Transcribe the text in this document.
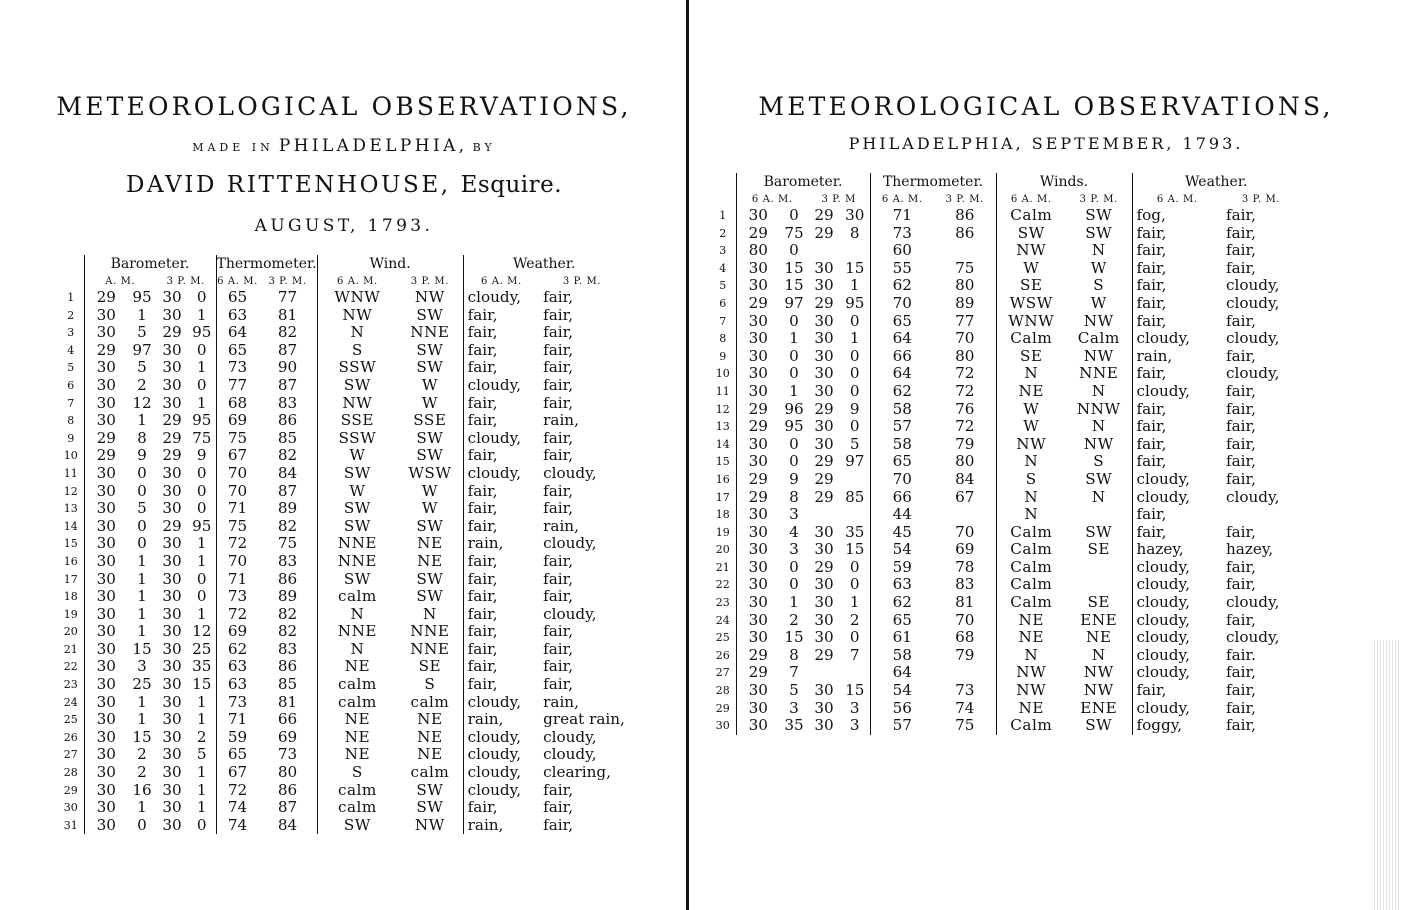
METEOROLOGICAL OBSERVATIONS,
MADE IN PHILADELPHIA, BY
DAVID RITTENHOUSE, Esquire.
AUGUST, 1793.
	Barometer.				Thermometer.		Wind.		Weather.	
	A. M.		3 P. M.		6 A. M.	3 P. M.	6 A. M.	3 P. M.	6 A. M.	3 P. M.
1	29	95	30	0	65	77	WNW	NW	cloudy,	fair,
2	30	1	30	1	63	81	NW	SW	fair,	fair,
3	30	5	29	95	64	82	N	NNE	fair,	fair,
4	29	97	30	0	65	87	S	SW	fair,	fair,
5	30	5	30	1	73	90	SSW	SW	fair,	fair,
6	30	2	30	0	77	87	SW	W	cloudy,	fair,
7	30	12	30	1	68	83	NW	W	fair,	fair,
8	30	1	29	95	69	86	SSE	SSE	fair,	rain,
9	29	8	29	75	75	85	SSW	SW	cloudy,	fair,
10	29	9	29	9	67	82	W	SW	fair,	fair,
11	30	0	30	0	70	84	SW	WSW	cloudy,	cloudy,
12	30	0	30	0	70	87	W	W	fair,	fair,
13	30	5	30	0	71	89	SW	W	fair,	fair,
14	30	0	29	95	75	82	SW	SW	fair,	rain,
15	30	0	30	1	72	75	NNE	NE	rain,	cloudy,
16	30	1	30	1	70	83	NNE	NE	fair,	fair,
17	30	1	30	0	71	86	SW	SW	fair,	fair,
18	30	1	30	0	73	89	calm	SW	fair,	fair,
19	30	1	30	1	72	82	N	N	fair,	cloudy,
20	30	1	30	12	69	82	NNE	NNE	fair,	fair,
21	30	15	30	25	62	83	N	NNE	fair,	fair,
22	30	3	30	35	63	86	NE	SE	fair,	fair,
23	30	25	30	15	63	85	calm	S	fair,	fair,
24	30	1	30	1	73	81	calm	calm	cloudy,	rain,
25	30	1	30	1	71	66	NE	NE	rain,	great rain,
26	30	15	30	2	59	69	NE	NE	cloudy,	cloudy,
27	30	2	30	5	65	73	NE	NE	cloudy,	cloudy,
28	30	2	30	1	67	80	S	calm	cloudy,	clearing,
29	30	16	30	1	72	86	calm	SW	cloudy,	fair,
30	30	1	30	1	74	87	calm	SW	fair,	fair,
31	30	0	30	0	74	84	SW	NW	rain,	fair,
METEOROLOGICAL OBSERVATIONS,
PHILADELPHIA, SEPTEMBER, 1793.
	Barometer.				Thermometer.		Winds.		Weather.	
	6 A. M.		3 P. M		6 A. M.	3 P. M.	6 A. M.	3 P. M.	6 A. M.	3 P. M.
1	30	0	29	30	71	86	Calm	SW	fog,	fair,
2	29	75	29	8	73	86	SW	SW	fair,	fair,
3	80	0			60		NW	N	fair,	fair,
4	30	15	30	15	55	75	W	W	fair,	fair,
5	30	15	30	1	62	80	SE	S	fair,	cloudy,
6	29	97	29	95	70	89	WSW	W	fair,	cloudy,
7	30	0	30	0	65	77	WNW	NW	fair,	fair,
8	30	1	30	1	64	70	Calm	Calm	cloudy,	cloudy,
9	30	0	30	0	66	80	SE	NW	rain,	fair,
10	30	0	30	0	64	72	N	NNE	fair,	cloudy,
11	30	1	30	0	62	72	NE	N	cloudy,	fair,
12	29	96	29	9	58	76	W	NNW	fair,	fair,
13	29	95	30	0	57	72	W	N	fair,	fair,
14	30	0	30	5	58	79	NW	NW	fair,	fair,
15	30	0	29	97	65	80	N	S	fair,	fair,
16	29	9	29		70	84	S	SW	cloudy,	fair,
17	29	8	29	85	66	67	N	N	cloudy,	cloudy,
18	30	3			44		N		fair,	
19	30	4	30	35	45	70	Calm	SW	fair,	fair,
20	30	3	30	15	54	69	Calm	SE	hazey,	hazey,
21	30	0	29	0	59	78	Calm		cloudy,	fair,
22	30	0	30	0	63	83	Calm		cloudy,	fair,
23	30	1	30	1	62	81	Calm	SE	cloudy,	cloudy,
24	30	2	30	2	65	70	NE	ENE	cloudy,	fair,
25	30	15	30	0	61	68	NE	NE	cloudy,	cloudy,
26	29	8	29	7	58	79	N	N	cloudy,	fair.
27	29	7			64		NW	NW	cloudy,	fair,
28	30	5	30	15	54	73	NW	NW	fair,	fair,
29	30	3	30	3	56	74	NE	ENE	cloudy,	fair,
30	30	35	30	3	57	75	Calm	SW	foggy,	fair,
